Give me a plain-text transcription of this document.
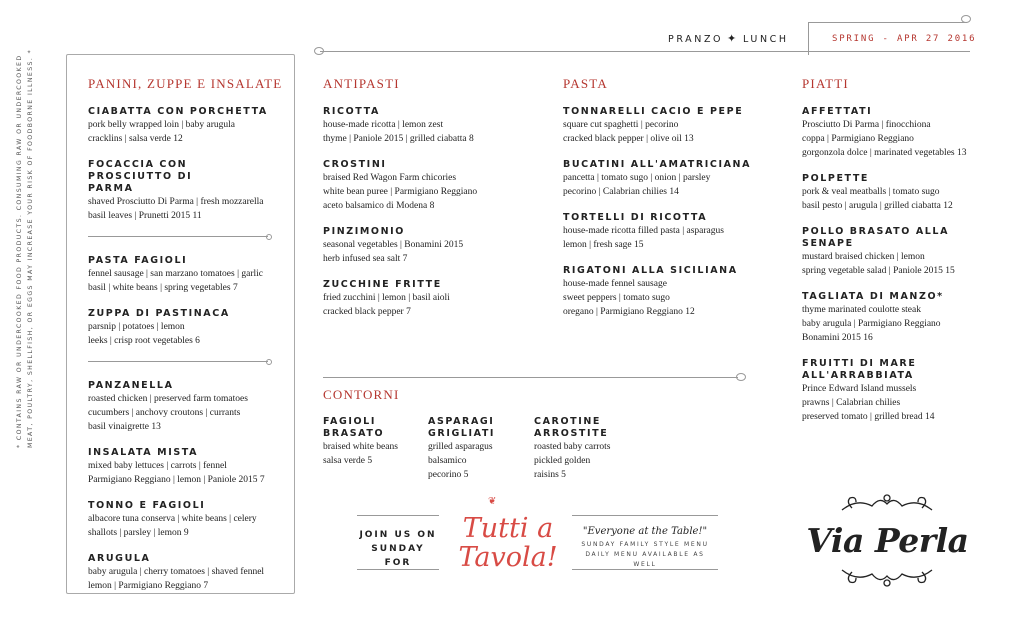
* CONTAINS RAW OR UNDERCOOKED FOOD PRODUCTS. CONSUMING RAW OR UNDERCOOKED MEAT, POULTRY, SHELLFISH, OR EGGS MAY INCREASE YOUR RISK OF FOODBORNE ILLNESS. *
PRANZO ✦ LUNCH	SPRING - APR 27 2016
PANINI, ZUPPE E INSALATE
CIABATTA CON PORCHETTA
pork belly wrapped loin | baby arugula
cracklins | salsa verde 12
FOCACCIA CON PROSCIUTTO DI PARMA
shaved Prosciutto Di Parma | fresh mozzarella
basil leaves | Prunetti 2015 11
PASTA FAGIOLI
fennel sausage | san marzano tomatoes | garlic
basil | white beans | spring vegetables 7
ZUPPA DI PASTINACA
parsnip | potatoes | lemon
leeks | crisp root vegetables 6
PANZANELLA
roasted chicken | preserved farm tomatoes
cucumbers | anchovy croutons | currants
basil vinaigrette 13
INSALATA MISTA
mixed baby lettuces | carrots | fennel
Parmigiano Reggiano | lemon | Paniole 2015 7
TONNO E FAGIOLI
albacore tuna conserva | white beans | celery
shallots | parsley | lemon 9
ARUGULA
baby arugula | cherry tomatoes | shaved fennel
lemon | Parmigiano Reggiano 7
ANTIPASTI
RICOTTA
house-made ricotta | lemon zest
thyme | Paniole 2015 | grilled ciabatta 8
CROSTINI
braised Red Wagon Farm chicories
white bean puree | Parmigiano Reggiano
aceto balsamico di Modena 8
PINZIMONIO
seasonal vegetables | Bonamini 2015
herb infused sea salt 7
ZUCCHINE FRITTE
fried zucchini | lemon | basil aioli
cracked black pepper 7
PASTA
TONNARELLI CACIO E PEPE
square cut spaghetti | pecorino
cracked black pepper | olive oil 13
BUCATINI ALL'AMATRICIANA
pancetta | tomato sugo | onion | parsley
pecorino | Calabrian chilies 14
TORTELLI DI RICOTTA
house-made ricotta filled pasta | asparagus
lemon | fresh sage 15
RIGATONI ALLA SICILIANA
house-made fennel sausage
sweet peppers | tomato sugo
oregano | Parmigiano Reggiano 12
PIATTI
AFFETTATI
Prosciutto Di Parma | finocchiona
coppa | Parmigiano Reggiano
gorgonzola dolce | marinated vegetables 13
POLPETTE
pork & veal meatballs | tomato sugo
basil pesto | arugula | grilled ciabatta 12
POLLO BRASATO ALLA SENAPE
mustard braised chicken | lemon
spring vegetable salad | Paniole 2015 15
TAGLIATA DI MANZO*
thyme marinated coulotte steak
baby arugula | Parmigiano Reggiano
Bonamini 2015 16
FRUITTI DI MARE ALL'ARRABBIATA
Prince Edward Island mussels
prawns | Calabrian chilies
preserved tomato | grilled bread 14
CONTORNI
FAGIOLI BRASATO
braised white beans
salsa verde 5
ASPARAGI GRIGLIATI
grilled asparagus
balsamico
pecorino 5
CAROTINE ARROSTITE
roasted baby carrots
pickled golden
raisins 5
JOIN US ON
SUNDAY FOR
❦
Tutti a
Tavola!
"Everyone at the Table!"
SUNDAY FAMILY STYLE MENU
DAILY MENU AVAILABLE AS WELL
Via Perla
